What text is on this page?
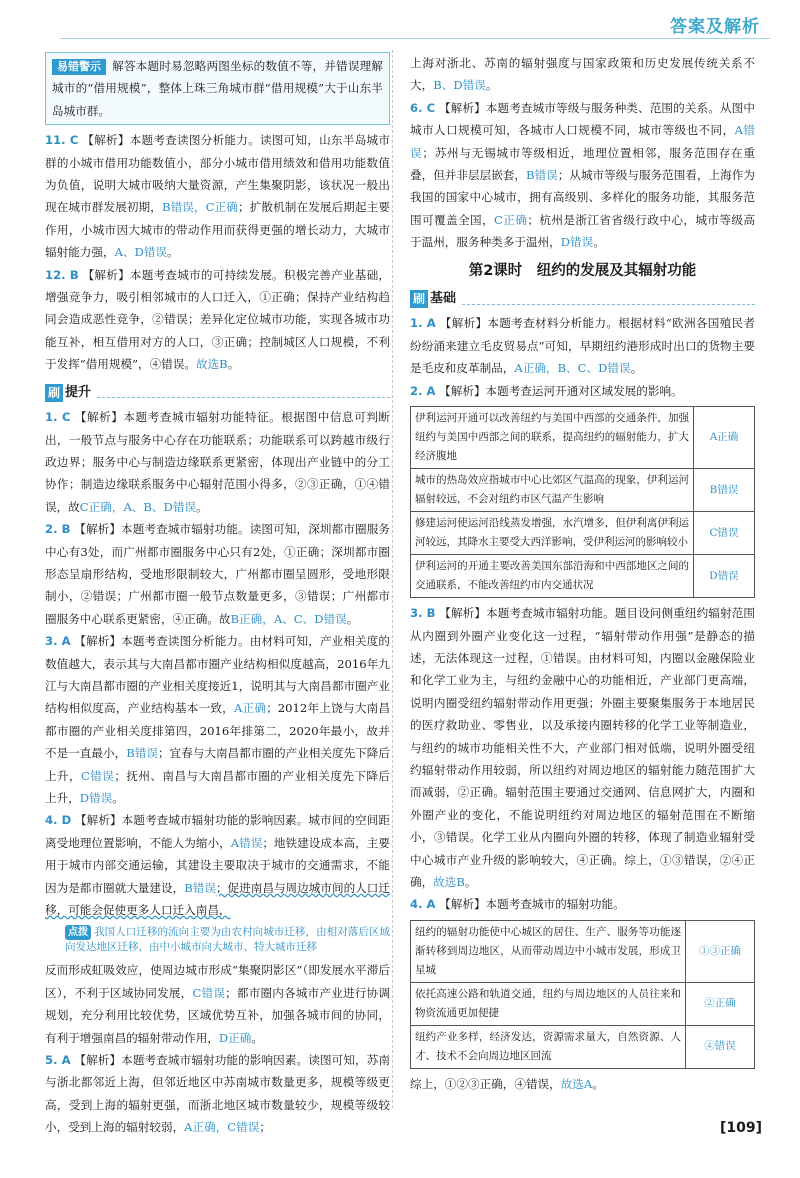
答案及解析
易错警示 解答本题时易忽略两图坐标的数值不等，并错误理解城市的“借用规模”，整体上珠三角城市群“借用规模”大于山东半岛城市群。

11. C 【解析】本题考查读图分析能力。读图可知，山东半岛城市群的小城市借用功能数值小，部分小城市借用绩效和借用功能数值为负值，说明大城市吸纳大量资源，产生集聚阴影，该状况一般出现在城市群发展初期，B错误，C正确；扩散机制在发展后期起主要作用，小城市因大城市的带动作用而获得更强的增长动力，大城市辐射能力强，A、D错误。

12. B 【解析】本题考查城市的可持续发展。积极完善产业基础，增强竞争力，吸引相邻城市的人口迁入，①正确；保持产业结构趋同会造成恶性竞争，②错误；差异化定位城市功能，实现各城市功能互补，相互借用对方的人口，③正确；控制城区人口规模，不利于发挥“借用规模”，④错误。故选B。

刷 提升

1. C 【解析】本题考查城市辐射功能特征。根据图中信息可判断出，一般节点与服务中心存在功能联系；功能联系可以跨越市级行政边界；服务中心与制造边缘联系更紧密，体现出产业链中的分工协作；制造边缘联系服务中心辐射范围小得多，②③正确，①④错误，故C正确，A、B、D错误。

2. B 【解析】本题考查城市辐射功能。读图可知，深圳都市圈服务中心有3处，而广州都市圈服务中心只有2处，①正确；深圳都市圈形态呈扇形结构，受地形限制较大，广州都市圈呈圆形，受地形限制小，②错误；广州都市圈一般节点数量更多，③错误；广州都市圈服务中心联系更紧密，④正确。故B正确，A、C、D错误。

3. A 【解析】本题考查读图分析能力。由材料可知，产业相关度的数值越大，表示其与大南昌都市圈产业结构相似度越高，2016年九江与大南昌都市圈的产业相关度接近1，说明其与大南昌都市圈产业结构相似度高，产业结构基本一致，A正确；2012年上饶与大南昌都市圈的产业相关度排第四，2016年排第二，2020年最小，故并不是一直最小，B错误；宜春与大南昌都市圈的产业相关度先下降后上升，C错误；抚州、南昌与大南昌都市圈的产业相关度先下降后上升，D错误。

4. D 【解析】本题考查城市辐射功能的影响因素。城市间的空间距离受地理位置影响，不能人为缩小，A错误；地铁建设成本高，主要用于城市内部交通运输，其建设主要取决于城市的交通需求，不能因为是都市圈就大量建设，B错误；促进南昌与周边城市间的人口迁移，可能会促使更多人口迁入南昌，

点拨 我国人口迁移的流向主要为由农村向城市迁移，由相对落后区域向发达地区迁移，由中小城市向大城市、特大城市迁移

反而形成虹吸效应，使周边城市形成“集聚阴影区”（即发展水平滞后区），不利于区域协同发展，C错误；都市圈内各城市产业进行协调规划，充分利用比较优势，区域优势互补，加强各城市间的协同，有利于增强南昌的辐射带动作用，D正确。

5. A 【解析】本题考查城市辐射功能的影响因素。读图可知，苏南与浙北都邻近上海，但邻近地区中苏南城市数量更多，规模等级更高，受到上海的辐射更强，而浙北地区城市数量较少，规模等级较小，受到上海的辐射较弱，A正确，C错误；

上海对浙北、苏南的辐射强度与国家政策和历史发展传统关系不大，B、D错误。

6. C 【解析】本题考查城市等级与服务种类、范围的关系。从图中城市人口规模可知，各城市人口规模不同，城市等级也不同，A错误；苏州与无锡城市等级相近，地理位置相邻，服务范围存在重叠，但并非层层嵌套，B错误；从城市等级与服务范围看，上海作为我国的国家中心城市，拥有高级别、多样化的服务功能，其服务范围可覆盖全国，C正确；杭州是浙江省省级行政中心，城市等级高于温州，服务种类多于温州，D错误。

第2课时　纽约的发展及其辐射功能
刷 基础

1. A 【解析】本题考查材料分析能力。根据材料“欧洲各国殖民者纷纷涌来建立毛皮贸易点”可知，早期纽约港形成时出口的货物主要是毛皮和皮革制品，A正确，B、C、D错误。

2. A 【解析】本题考查运河开通对区域发展的影响。

伊利运河开通可以改善纽约与美国中西部的交通条件，加强纽约与美国中西部之间的联系，提高纽约的辐射能力，扩大经济腹地	A正确
城市的热岛效应指城市中心比郊区气温高的现象，伊利运河辐射较远，不会对纽约市区气温产生影响	B错误
修建运河使运河沿线蒸发增强，水汽增多，但伊利离伊利运河较远，其降水主要受大西洋影响，受伊利运河的影响较小	C错误
伊利运河的开通主要改善美国东部沿海和中西部地区之间的交通联系，不能改善纽约市内交通状况	D错误

3. B 【解析】本题考查城市辐射功能。题目设问侧重纽约辐射范围从内圈到外圈产业变化这一过程，“辐射带动作用强”是静态的描述，无法体现这一过程，①错误。由材料可知，内圈以金融保险业和化学工业为主，与纽约金融中心的功能相近，产业部门更高端，说明内圈受纽约辐射带动作用更强；外圈主要聚集服务于本地居民的医疗救助业、零售业，以及承接内圈转移的化学工业等制造业，与纽约的城市功能相关性不大，产业部门相对低端，说明外圈受纽约辐射带动作用较弱，所以纽约对周边地区的辐射能力随范围扩大而减弱，②正确。辐射范围主要通过交通网、信息网扩大，内圈和外圈产业的变化，不能说明纽约对周边地区的辐射范围在不断缩小，③错误。化学工业从内圈向外圈的转移，体现了制造业辐射受中心城市产业升级的影响较大，④正确。综上，①③错误，②④正确，故选B。

4. A 【解析】本题考查城市的辐射功能。

纽约的辐射功能使中心城区的居住、生产、服务等功能逐渐转移到周边地区，从而带动周边中小城市发展，形成卫星城	①③正确
依托高速公路和轨道交通，纽约与周边地区的人员往来和物资流通更加便捷	②正确
纽约产业多样，经济发达，资源需求量大，自然资源、人才、技术不会向周边地区回流	④错误

综上，①②③正确，④错误，故选A。

[109]
